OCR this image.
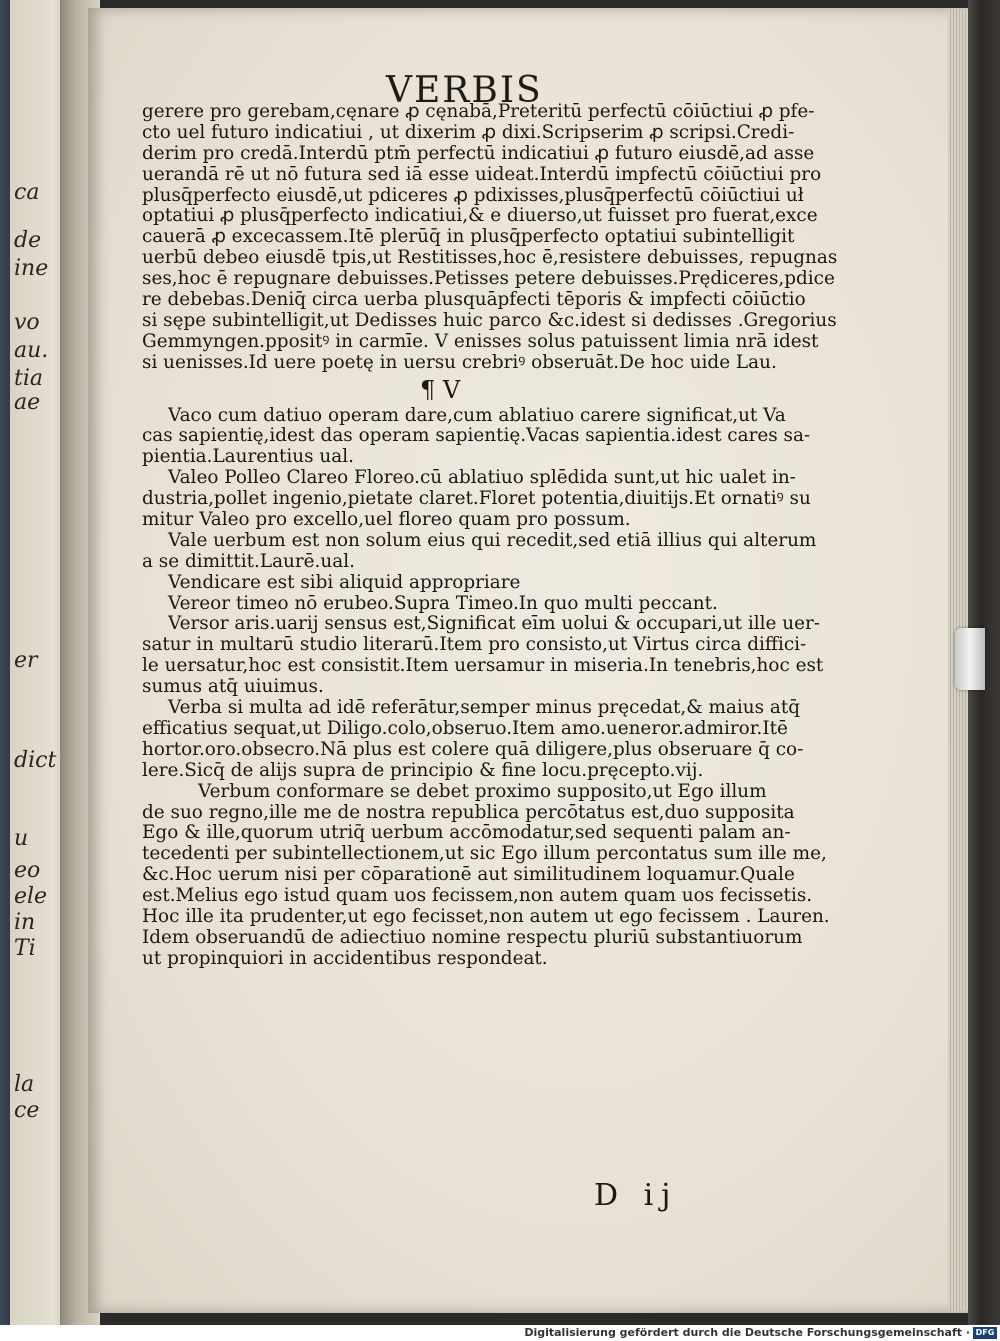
ca
de
ine
vo
au.
tia
ae
er
dict
u
eo
ele
in
Ti
la
ce
VERBIS
gerere pro gerebam,cęnare ꝓ cęnabā,Preteritū perfectū cōiūctiui ꝓ pfe-
cto uel futuro indicatiui , ut dixerim ꝓ dixi.Scripserim ꝓ scripsi.Credi-
derim pro credā.Interdū ptm̄ perfectū indicatiui ꝓ futuro eiusdē,ad asse
uerandā rē ut nō futura sed iā esse uideat.Interdū impfectū cōiūctiui pro
plusq̄perfecto eiusdē,ut pdiceres ꝓ pdixisses,plusq̄perfectū cōiūctiui uł
optatiui ꝓ plusq̄perfecto indicatiui,& e diuerso,ut fuisset pro fuerat,exce
cauerā ꝓ excecassem.Itē plerūq̄ in plusq̄perfecto optatiui subintelligit
uerbū debeo eiusdē tpis,ut Restitisses,hoc ē,resistere debuisses, repugnas
ses,hoc ē repugnare debuisses.Petisses petere debuisses.Prędiceres,pdice
re debebas.Deniq̄ circa uerba plusquāpfecti tēporis & impfecti cōiūctio
si sępe subintelligit,ut Dedisses huic parco &c.idest si dedisses .Gregorius
Gemmyngen.ppositꝰ in carmīe. V enisses solus patuissent limia nrā idest
si uenisses.Id uere poetę in uersu crebriꝰ obseruāt.De hoc uide Lau.
¶ V
Vaco cum datiuo operam dare,cum ablatiuo carere significat,ut Va
cas sapientię,idest das operam sapientię.Vacas sapientia.idest cares sa-
pientia.Laurentius ual.
Valeo Polleo Clareo Floreo.cū ablatiuo splēdida sunt,ut hic ualet in-
dustria,pollet ingenio,pietate claret.Floret potentia,diuitijs.Et ornatiꝰ su
mitur Valeo pro excello,uel floreo quam pro possum.
Vale uerbum est non solum eius qui recedit,sed etiā illius qui alterum
a se dimittit.Laurē.ual.
Vendicare est sibi aliquid appropriare
Vereor timeo nō erubeo.Supra Timeo.In quo multi peccant.
Versor aris.uarij sensus est,Significat eīm uolui & occupari,ut ille uer-
satur in multarū studio literarū.Item pro consisto,ut Virtus circa diffici-
le uersatur,hoc est consistit.Item uersamur in miseria.In tenebris,hoc est
sumus atq̄ uiuimus.
Verba si multa ad idē referātur,semper minus pręcedat,& maius atq̄
efficatius sequat,ut Diligo.colo,obseruo.Item amo.ueneror.admiror.Itē
hortor.oro.obsecro.Nā plus est colere quā diligere,plus obseruare q̄ co-
lere.Sicq̄ de alijs supra de principio & fine locu.pręcepto.vij.
Verbum conformare se debet proximo supposito,ut Ego illum
de suo regno,ille me de nostra republica percōtatus est,duo supposita
Ego & ille,quorum utriq̄ uerbum accōmodatur,sed sequenti palam an-
tecedenti per subintellectionem,ut sic Ego illum percontatus sum ille me,
&c.Hoc uerum nisi per cōparationē aut similitudinem loquamur.Quale
est.Melius ego istud quam uos fecissem,non autem quam uos fecissetis.
Hoc ille ita prudenter,ut ego fecisset,non autem ut ego fecissem . Lauren.
Idem obseruandū de adiectiuo nomine respectu pluriū substantiuorum
ut propinquiori in accidentibus respondeat.
D ij
Digitalisierung gefördert durch die Deutsche Forschungsgemeinschaft · DFG
